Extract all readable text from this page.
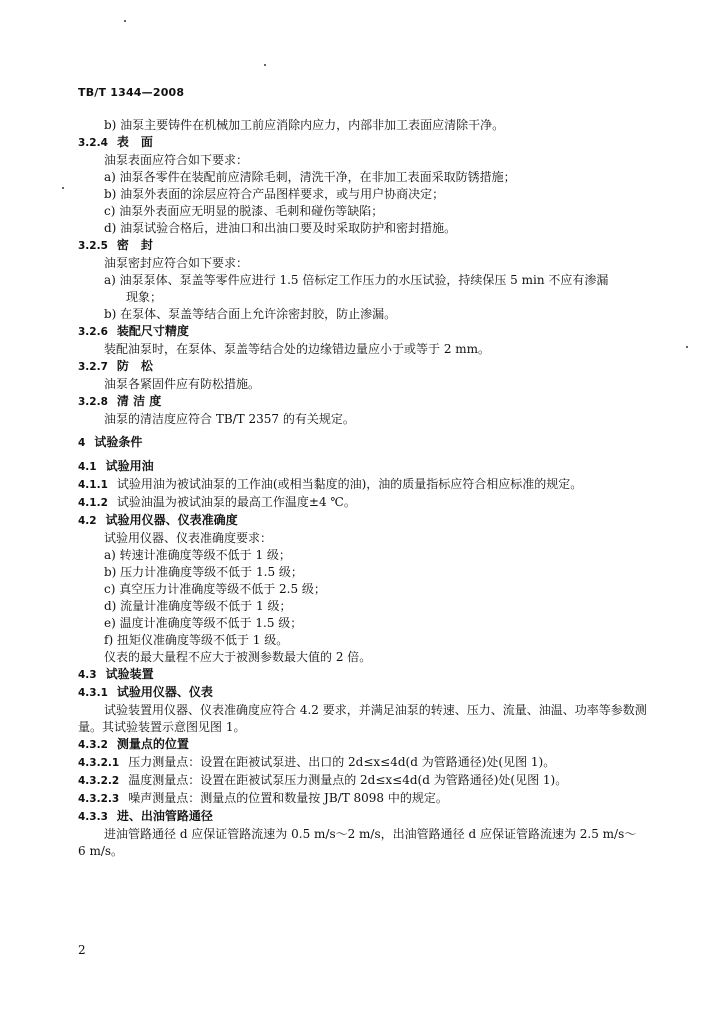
TB/T 1344—2008
b) 油泵主要铸件在机械加工前应消除内应力，内部非加工表面应清除干净。
3.2.4 表　面
油泵表面应符合如下要求：
a) 油泵各零件在装配前应清除毛刺，清洗干净，在非加工表面采取防锈措施；
b) 油泵外表面的涂层应符合产品图样要求，或与用户协商决定；
c) 油泵外表面应无明显的脱漆、毛刺和碰伤等缺陷；
d) 油泵试验合格后，进油口和出油口要及时采取防护和密封措施。
3.2.5 密　封
油泵密封应符合如下要求：
a) 油泵泵体、泵盖等零件应进行 1.5 倍标定工作压力的水压试验，持续保压 5 min 不应有渗漏
现象；
b) 在泵体、泵盖等结合面上允许涂密封胶，防止渗漏。
3.2.6 装配尺寸精度
装配油泵时，在泵体、泵盖等结合处的边缘错边量应小于或等于 2 mm。
3.2.7 防　松
油泵各紧固件应有防松措施。
3.2.8 清 洁 度
油泵的清洁度应符合 TB/T 2357 的有关规定。
4 试验条件
4.1 试验用油
4.1.1 试验用油为被试油泵的工作油(或相当黏度的油)，油的质量指标应符合相应标准的规定。
4.1.2 试验油温为被试油泵的最高工作温度±4 ℃。
4.2 试验用仪器、仪表准确度
试验用仪器、仪表准确度要求：
a) 转速计准确度等级不低于 1 级；
b) 压力计准确度等级不低于 1.5 级；
c) 真空压力计准确度等级不低于 2.5 级；
d) 流量计准确度等级不低于 1 级；
e) 温度计准确度等级不低于 1.5 级；
f) 扭矩仪准确度等级不低于 1 级。
仪表的最大量程不应大于被测参数最大值的 2 倍。
4.3 试验装置
4.3.1 试验用仪器、仪表
试验装置用仪器、仪表准确度应符合 4.2 要求，并满足油泵的转速、压力、流量、油温、功率等参数测
量。其试验装置示意图见图 1。
4.3.2 测量点的位置
4.3.2.1 压力测量点：设置在距被试泵进、出口的 2d≤x≤4d(d 为管路通径)处(见图 1)。
4.3.2.2 温度测量点：设置在距被试泵压力测量点的 2d≤x≤4d(d 为管路通径)处(见图 1)。
4.3.2.3 噪声测量点：测量点的位置和数量按 JB/T 8098 中的规定。
4.3.3 进、出油管路通径
进油管路通径 d 应保证管路流速为 0.5 m/s～2 m/s，出油管路通径 d 应保证管路流速为 2.5 m/s～
6 m/s。
2
